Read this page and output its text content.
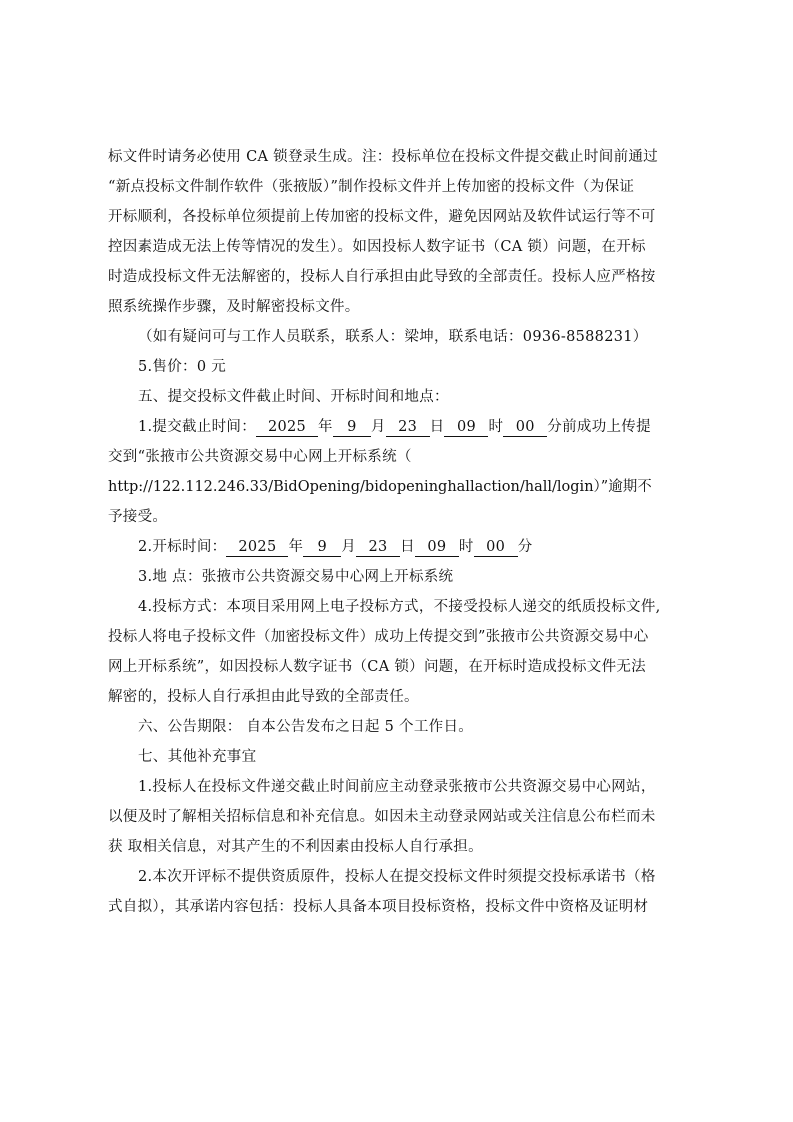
标文件时请务必使用 CA 锁登录生成。注：投标单位在投标文件提交截止时间前通过
“新点投标文件制作软件（张掖版）”制作投标文件并上传加密的投标文件（为保证
开标顺利，各投标单位须提前上传加密的投标文件，避免因网站及软件试运行等不可
控因素造成无法上传等情况的发生）。如因投标人数字证书（CA 锁）问题，在开标
时造成投标文件无法解密的，投标人自行承担由此导致的全部责任。投标人应严格按
照系统操作步骤，及时解密投标文件。
（如有疑问可与工作人员联系，联系人：梁坤，联系电话：0936-8588231）
5.售价：0 元
五、提交投标文件截止时间、开标时间和地点：
1.提交截止时间： 2025 年 9 月 23 日 09 时 00 分前成功上传提
交到“张掖市公共资源交易中心网上开标系统（
http://122.112.246.33/BidOpening/bidopeninghallaction/hall/login）”逾期不
予接受。
2.开标时间： 2025 年 9 月 23 日 09 时 00 分
3.地 点：张掖市公共资源交易中心网上开标系统
4.投标方式：本项目采用网上电子投标方式，不接受投标人递交的纸质投标文件,
投标人将电子投标文件（加密投标文件）成功上传提交到”张掖市公共资源交易中心
网上开标系统”，如因投标人数字证书（CA 锁）问题，在开标时造成投标文件无法
解密的，投标人自行承担由此导致的全部责任。
六、公告期限： 自本公告发布之日起 5 个工作日。
七、其他补充事宜
1.投标人在投标文件递交截止时间前应主动登录张掖市公共资源交易中心网站，
以便及时了解相关招标信息和补充信息。如因未主动登录网站或关注信息公布栏而未
获 取相关信息，对其产生的不利因素由投标人自行承担。
2.本次开评标不提供资质原件，投标人在提交投标文件时须提交投标承诺书（格
式自拟），其承诺内容包括：投标人具备本项目投标资格，投标文件中资格及证明材
